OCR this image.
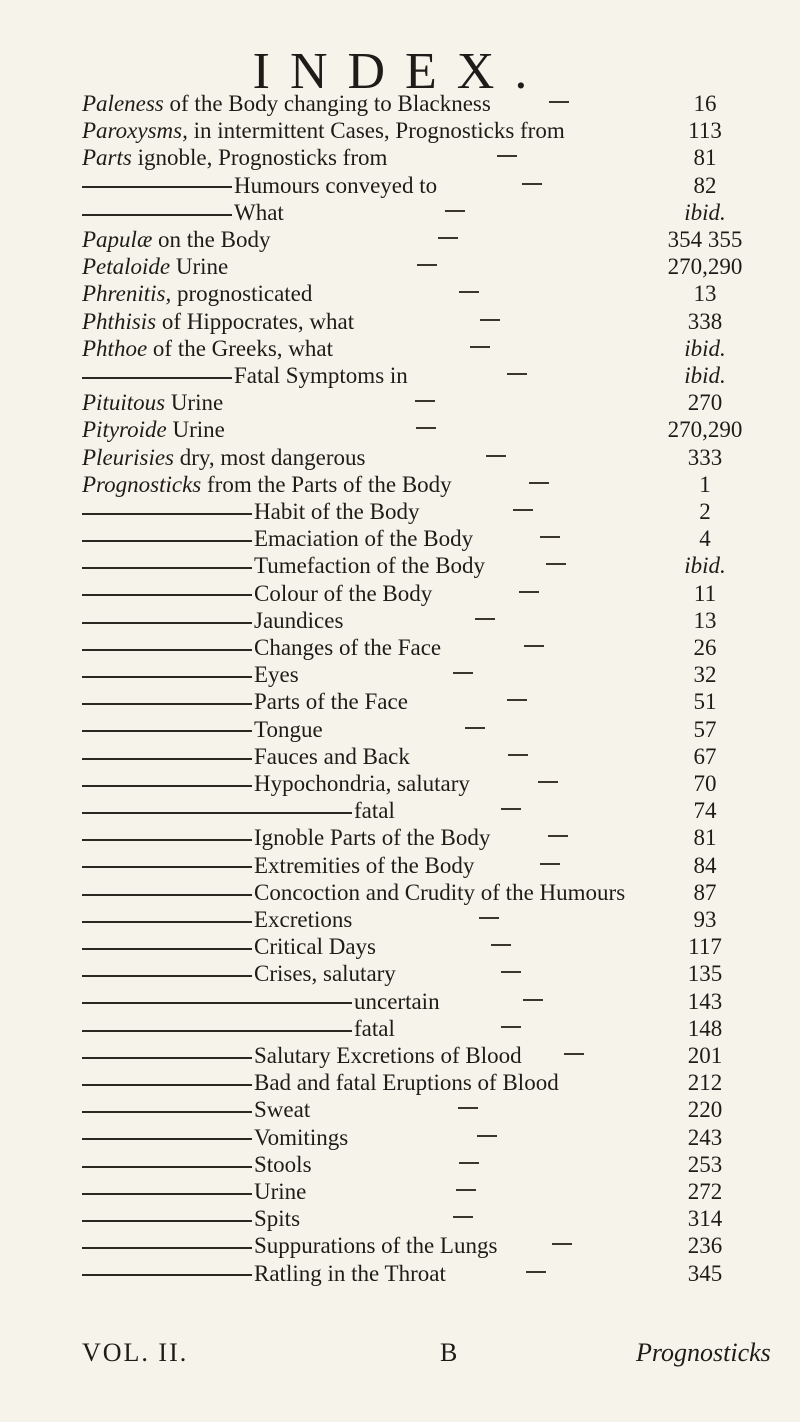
INDEX.
Paleness of the Body changing to Blackness	16
Paroxysms, in intermittent Cases, Prognosticks from	113
Parts ignoble, Prognosticks from	81
Humours conveyed to	82
What	ibid.
Papulæ on the Body	354 355
Petaloide Urine	270,290
Phrenitis, prognosticated	13
Phthisis of Hippocrates, what	338
Phthoe of the Greeks, what	ibid.
Fatal Symptoms in	ibid.
Pituitous Urine	270
Pityroide Urine	270,290
Pleurisies dry, most dangerous	333
Prognosticks from the Parts of the Body	1
Habit of the Body	2
Emaciation of the Body	4
Tumefaction of the Body	ibid.
Colour of the Body	11
Jaundices	13
Changes of the Face	26
Eyes	32
Parts of the Face	51
Tongue	57
Fauces and Back	67
Hypochondria, salutary	70
fatal	74
Ignoble Parts of the Body	81
Extremities of the Body	84
Concoction and Crudity of the Humours	87
Excretions	93
Critical Days	117
Crises, salutary	135
uncertain	143
fatal	148
Salutary Excretions of Blood	201
Bad and fatal Eruptions of Blood	212
Sweat	220
Vomitings	243
Stools	253
Urine	272
Spits	314
Suppurations of the Lungs	236
Ratling in the Throat	345
VOL. II.	B	Prognosticks
